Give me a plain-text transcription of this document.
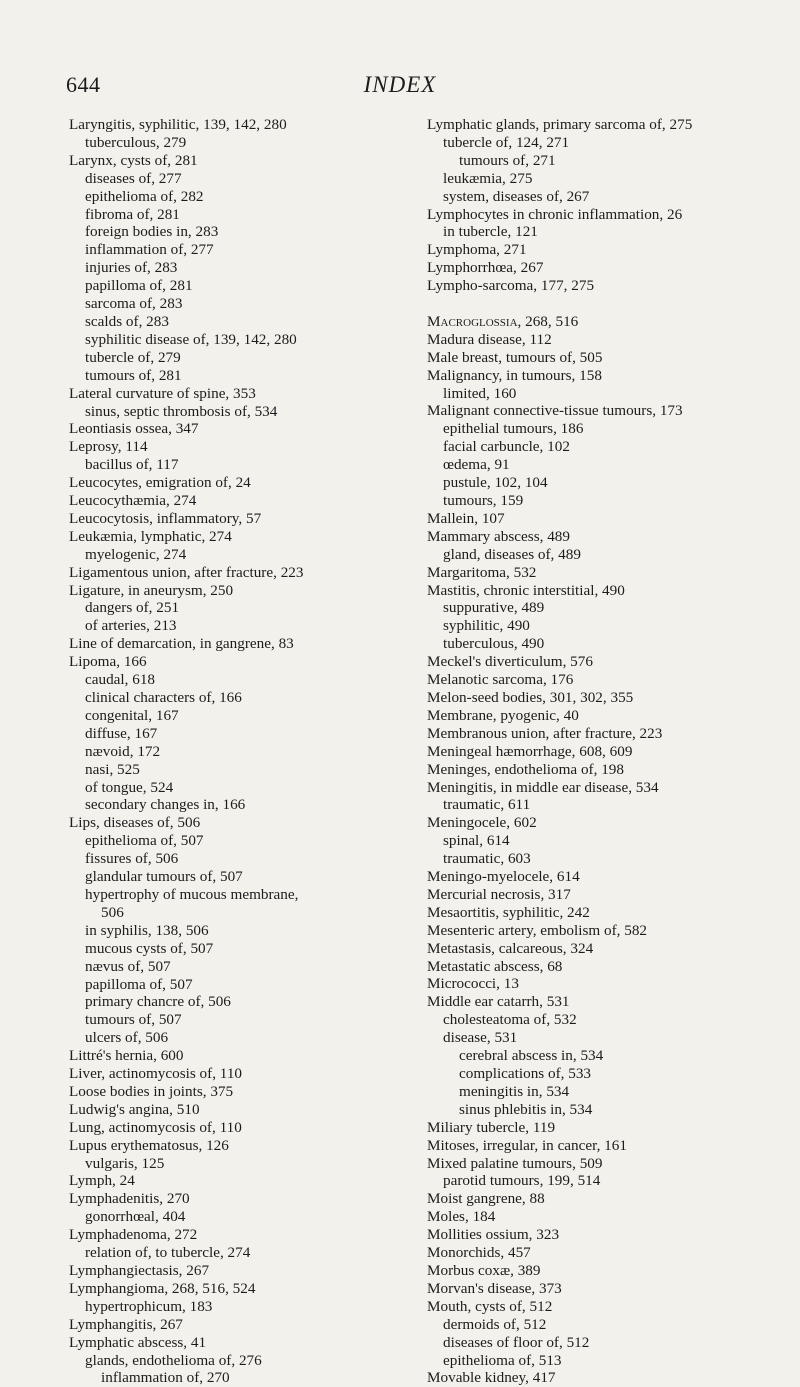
644	INDEX
Laryngitis, syphilitic, 139, 142, 280
tuberculous, 279
Larynx, cysts of, 281
diseases of, 277
epithelioma of, 282
fibroma of, 281
foreign bodies in, 283
inflammation of, 277
injuries of, 283
papilloma of, 281
sarcoma of, 283
scalds of, 283
syphilitic disease of, 139, 142, 280
tubercle of, 279
tumours of, 281
Lateral curvature of spine, 353
sinus, septic thrombosis of, 534
Leontiasis ossea, 347
Leprosy, 114
bacillus of, 117
Leucocytes, emigration of, 24
Leucocythæmia, 274
Leucocytosis, inflammatory, 57
Leukæmia, lymphatic, 274
myelogenic, 274
Ligamentous union, after fracture, 223
Ligature, in aneurysm, 250
dangers of, 251
of arteries, 213
Line of demarcation, in gangrene, 83
Lipoma, 166
caudal, 618
clinical characters of, 166
congenital, 167
diffuse, 167
nævoid, 172
nasi, 525
of tongue, 524
secondary changes in, 166
Lips, diseases of, 506
epithelioma of, 507
fissures of, 506
glandular tumours of, 507
hypertrophy of mucous membrane,
506
in syphilis, 138, 506
mucous cysts of, 507
nævus of, 507
papilloma of, 507
primary chancre of, 506
tumours of, 507
ulcers of, 506
Littré's hernia, 600
Liver, actinomycosis of, 110
Loose bodies in joints, 375
Ludwig's angina, 510
Lung, actinomycosis of, 110
Lupus erythematosus, 126
vulgaris, 125
Lymph, 24
Lymphadenitis, 270
gonorrhœal, 404
Lymphadenoma, 272
relation of, to tubercle, 274
Lymphangiectasis, 267
Lymphangioma, 268, 516, 524
hypertrophicum, 183
Lymphangitis, 267
Lymphatic abscess, 41
glands, endothelioma of, 276
inflammation of, 270
Lymphatic glands, primary sarcoma of, 275
tubercle of, 124, 271
tumours of, 271
leukæmia, 275
system, diseases of, 267
Lymphocytes in chronic inflammation, 26
in tubercle, 121
Lymphoma, 271
Lymphorrhœa, 267
Lympho-sarcoma, 177, 275
Macroglossia, 268, 516
Madura disease, 112
Male breast, tumours of, 505
Malignancy, in tumours, 158
limited, 160
Malignant connective-tissue tumours, 173
epithelial tumours, 186
facial carbuncle, 102
œdema, 91
pustule, 102, 104
tumours, 159
Mallein, 107
Mammary abscess, 489
gland, diseases of, 489
Margaritoma, 532
Mastitis, chronic interstitial, 490
suppurative, 489
syphilitic, 490
tuberculous, 490
Meckel's diverticulum, 576
Melanotic sarcoma, 176
Melon-seed bodies, 301, 302, 355
Membrane, pyogenic, 40
Membranous union, after fracture, 223
Meningeal hæmorrhage, 608, 609
Meninges, endothelioma of, 198
Meningitis, in middle ear disease, 534
traumatic, 611
Meningocele, 602
spinal, 614
traumatic, 603
Meningo-myelocele, 614
Mercurial necrosis, 317
Mesaortitis, syphilitic, 242
Mesenteric artery, embolism of, 582
Metastasis, calcareous, 324
Metastatic abscess, 68
Micrococci, 13
Middle ear catarrh, 531
cholesteatoma of, 532
disease, 531
cerebral abscess in, 534
complications of, 533
meningitis in, 534
sinus phlebitis in, 534
Miliary tubercle, 119
Mitoses, irregular, in cancer, 161
Mixed palatine tumours, 509
parotid tumours, 199, 514
Moist gangrene, 88
Moles, 184
Mollities ossium, 323
Monorchids, 457
Morbus coxæ, 389
Morvan's disease, 373
Mouth, cysts of, 512
dermoids of, 512
diseases of floor of, 512
epithelioma of, 513
Movable kidney, 417
